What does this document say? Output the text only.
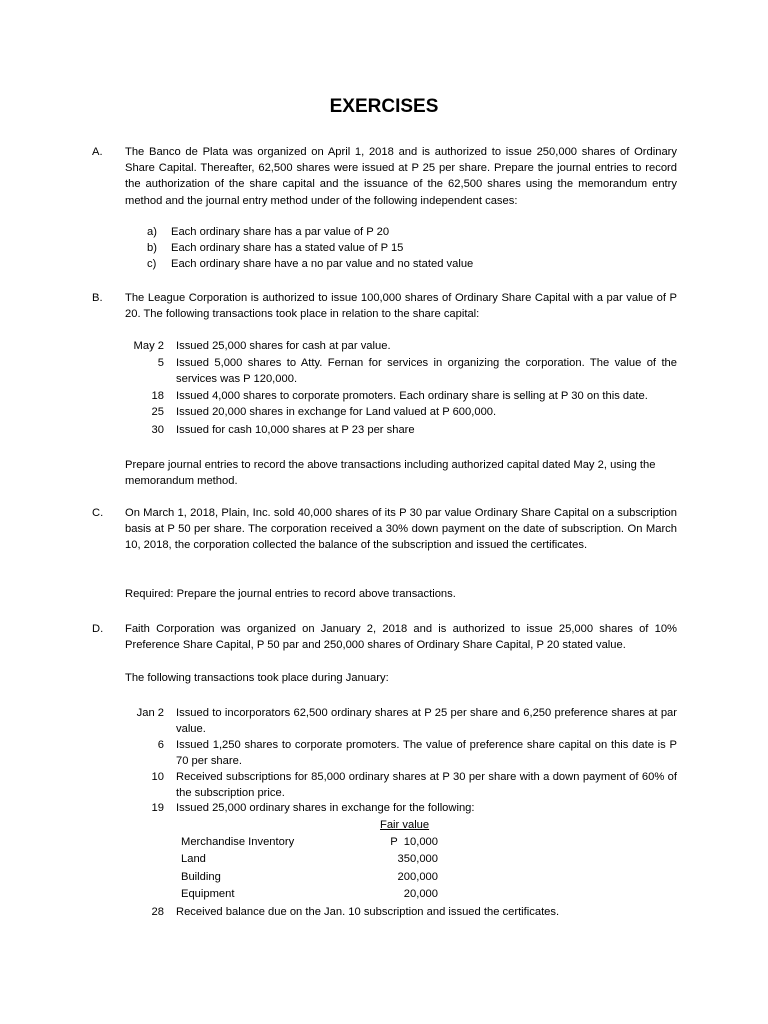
EXERCISES
A. The Banco de Plata was organized on April 1, 2018 and is authorized to issue 250,000 shares of Ordinary Share Capital. Thereafter, 62,500 shares were issued at P 25 per share. Prepare the journal entries to record the authorization of the share capital and the issuance of the 62,500 shares using the memorandum entry method and the journal entry method under of the following independent cases:
a) Each ordinary share has a par value of P 20
b) Each ordinary share has a stated value of P 15
c) Each ordinary share have a no par value and no stated value
B. The League Corporation is authorized to issue 100,000 shares of Ordinary Share Capital with a par value of P 20. The following transactions took place in relation to the share capital:
May 2 Issued 25,000 shares for cash at par value.
5 Issued 5,000 shares to Atty. Fernan for services in organizing the corporation. The value of the services was P 120,000.
18 Issued 4,000 shares to corporate promoters. Each ordinary share is selling at P 30 on this date.
25 Issued 20,000 shares in exchange for Land valued at P 600,000.
30 Issued for cash 10,000 shares at P 23 per share
Prepare journal entries to record the above transactions including authorized capital dated May 2, using the memorandum method.
C. On March 1, 2018, Plain, Inc. sold 40,000 shares of its P 30 par value Ordinary Share Capital on a subscription basis at P 50 per share. The corporation received a 30% down payment on the date of subscription. On March 10, 2018, the corporation collected the balance of the subscription and issued the certificates.
Required: Prepare the journal entries to record above transactions.
D. Faith Corporation was organized on January 2, 2018 and is authorized to issue 25,000 shares of 10% Preference Share Capital, P 50 par and 250,000 shares of Ordinary Share Capital, P 20 stated value.
The following transactions took place during January:
Jan 2 Issued to incorporators 62,500 ordinary shares at P 25 per share and 6,250 preference shares at par value.
6 Issued 1,250 shares to corporate promoters. The value of preference share capital on this date is P 70 per share.
10 Received subscriptions for 85,000 ordinary shares at P 30 per share with a down payment of 60% of the subscription price.
19 Issued 25,000 ordinary shares in exchange for the following:
Fair value
Merchandise Inventory	P  10,000
Land	350,000
Building	200,000
Equipment	20,000
28 Received balance due on the Jan. 10 subscription and issued the certificates.
